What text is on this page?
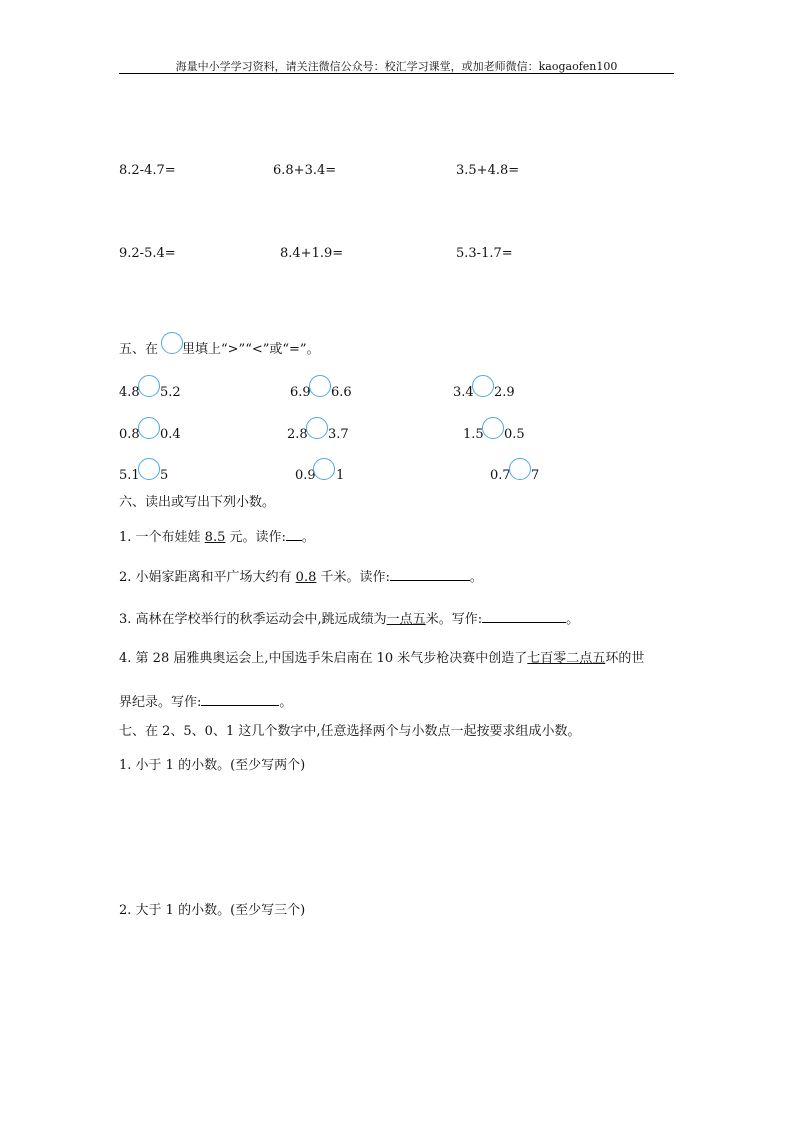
海量中小学学习资料，请关注微信公众号：校汇学习课堂，或加老师微信：kaogaofen100
8.2-4.7=	6.8+3.4=	3.5+4.8=
9.2-5.4=	8.4+1.9=	5.3-1.7=
五、在 里填上“>”“<”或“=”。
4.8 5.2	6.9 6.6	3.4 2.9
0.8 0.4	2.8 3.7	1.5 0.5
5.1 5	0.9 1	0.7 7
六、读出或写出下列小数。
1. 一个布娃娃 8.5 元。读作: 。
2. 小娟家距离和平广场大约有 0.8 千米。读作:	。
3. 高林在学校举行的秋季运动会中,跳远成绩为一点五米。写作:	。
4. 第 28 届雅典奥运会上,中国选手朱启南在 10 米气步枪决赛中创造了七百零二点五环的世
界纪录。写作:	。
七、在 2、5、0、1 这几个数字中,任意选择两个与小数点一起按要求组成小数。
1. 小于 1 的小数。(至少写两个)
2. 大于 1 的小数。(至少写三个)
